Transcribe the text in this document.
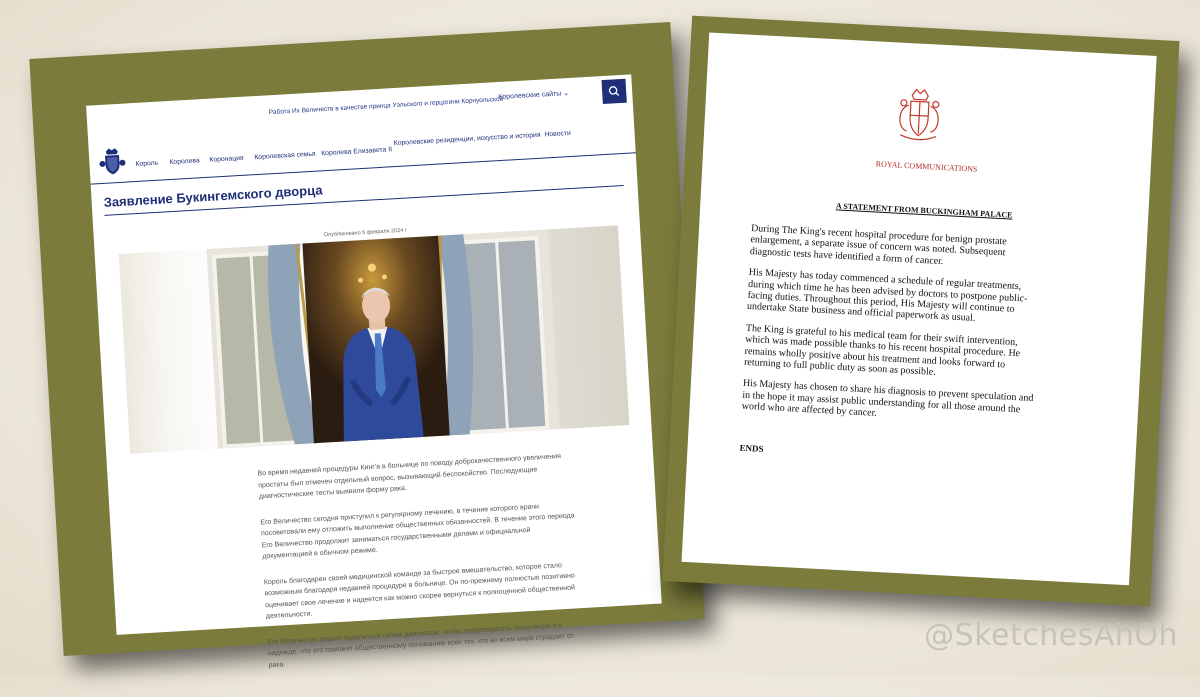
Работа Их Величеств в качестве принца Уэльского и герцогини Корнуольской
Королевские сайты ⌄
Король Королева Коронация Королевская семья Королева Елизавета II
Королевские резиденции, искусство и история Новости
Заявление Букингемского дворца
Опубликовано 5 февраля 2024 г

Во время недавней процедуры Кинг'а в больнице по поводу доброкачественного увеличения простаты был отмечен отдельный вопрос, вызывающий беспокойство. Последующие диагностические тесты выявили форму рака.

Его Величество сегодня приступил к регулярному лечению, в течение которого врачи посоветовали ему отложить выполнение общественных обязанностей. В течение этого периода Его Величество продолжит заниматься государственными делами и официальной документацией в обычном режиме.

Король благодарен своей медицинской команде за быстрое вмешательство, которое стало возможным благодаря недавней процедуре в больнице. Он по-прежнему полностью позитивно оценивает свое лечение и надеется как можно скорее вернуться к полноценной общественной деятельности.

Его Величество решил поделиться своим диагнозом, чтобы предотвратить спекуляции и в надежде, что это поможет общественному пониманию всех тех, кто во всем мире страдает от рака.

ROYAL COMMUNICATIONS
A STATEMENT FROM BUCKINGHAM PALACE

During The King's recent hospital procedure for benign prostate enlargement, a separate issue of concern was noted. Subsequent diagnostic tests have identified a form of cancer.

His Majesty has today commenced a schedule of regular treatments, during which time he has been advised by doctors to postpone public-facing duties. Throughout this period, His Majesty will continue to undertake State business and official paperwork as usual.

The King is grateful to his medical team for their swift intervention, which was made possible thanks to his recent hospital procedure. He remains wholly positive about his treatment and looks forward to returning to full public duty as soon as possible.

His Majesty has chosen to share his diagnosis to prevent speculation and in the hope it may assist public understanding for all those around the world who are affected by cancer.

ENDS
@SketchesAhOh
